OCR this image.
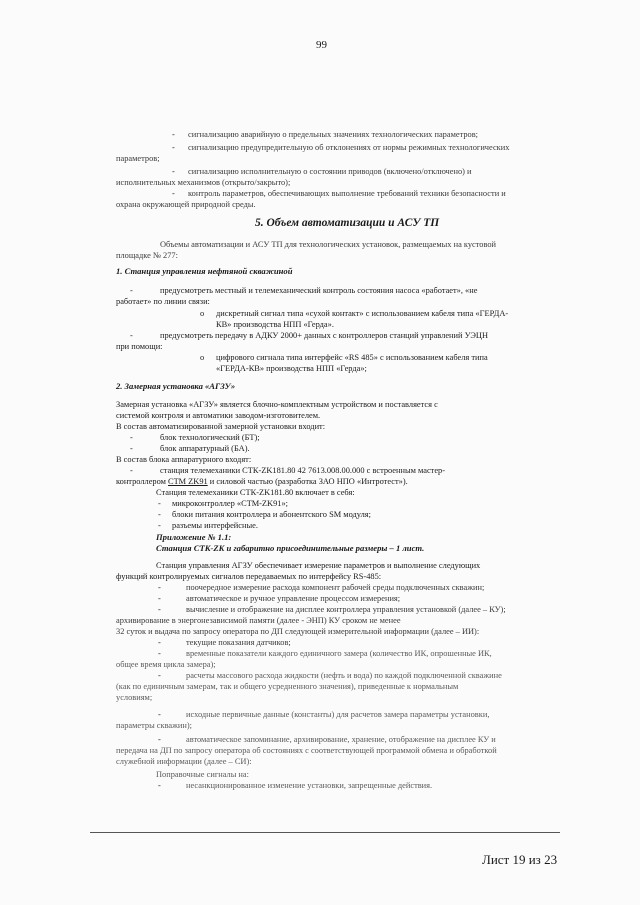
99
- сигнализацию аварийную о предельных значениях технологических параметров;
- сигнализацию предупредительную об отклонениях от нормы режимных технологических
параметров;
- сигнализацию исполнительную о состоянии приводов (включено/отключено) и
исполнительных механизмов (открыто/закрыто);
- контроль параметров, обеспечивающих выполнение требований техники безопасности и
охрана окружающей природной среды.
5. Объем автоматизации и АСУ ТП
Объемы автоматизации и АСУ ТП для технологических установок, размещаемых на кустовой
площадке № 277:
1. Станция управления нефтяной скважиной
-	предусмотреть местный и телемеханический контроль состояния насоса «работает», «не
работает» по линии связи:
o дискретный сигнал типа «сухой контакт» с использованием кабеля типа «ГЕРДА-
КВ» производства НПП «Герда».
-	предусмотреть передачу в АДКУ 2000+ данных с контроллеров станций управлений УЭЦН
при помощи:
o цифрового сигнала типа интерфейс «RS 485» с использованием кабеля типа
«ГЕРДА-КВ» производства НПП «Герда»;
2. Замерная установка «АГЗУ»
Замерная установка «АГЗУ» является блочно-комплектным устройством и поставляется с
системой контроля и автоматики заводом-изготовителем.
В состав автоматизированной замерной установки входит:
-	блок технологический (БТ);
-	блок аппаратурный (БА).
В состав блока аппаратурного входят:
-	станция телемеханики СТК-ZK181.80 42 7613.008.00.000 с встроенным мастер-
контроллером СТМ ZK91 и силовой частью (разработка ЗАО НПО «Интротест»).
Станция телемеханики СТК-ZK181.80 включает в себя:
- микроконтроллер «СТМ-ZK91»;
- блоки питания контроллера и абонентского SM модуля;
- разъемы интерфейсные.
Приложение № 1.1:
Станция СТК-ZK и габаритно присоединительные размеры – 1 лист.
Станция управления АГЗУ обеспечивает измерение параметров и выполнение следующих
функций контролируемых сигналов передаваемых по интерфейсу RS-485:
-	поочередное измерение расхода компонент рабочей среды подключенных скважин;
-	автоматическое и ручное управление процессом измерения;
-	вычисление и отображение на дисплее контроллера управления установкой (далее – КУ);
архивирование в энергонезависимой памяти (далее - ЭНП) КУ сроком не менее
32 суток и выдача по запросу оператора по ДП следующей измерительной информации (далее – ИИ):
-	текущие показания датчиков;
-	временные показатели каждого единичного замера (количество ИК, опрошенные ИК,
общее время цикла замера);
-	расчеты массового расхода жидкости (нефть и вода) по каждой подключенной скважине
(как по единичным замерам, так и общего усредненного значения), приведенные к нормальным
условиям;
-	исходные первичные данные (константы) для расчетов замера параметры установки,
параметры скважин);
-	автоматическое запоминание, архивирование, хранение, отображение на дисплее КУ и
передача на ДП по запросу оператора об состояниях с соответствующей программой обмена и обработкой
служебной информации (далее – СИ):
Поправочные сигналы на:
-	несанкционированное изменение установки, запрещенные действия.
Лист 19 из 23
